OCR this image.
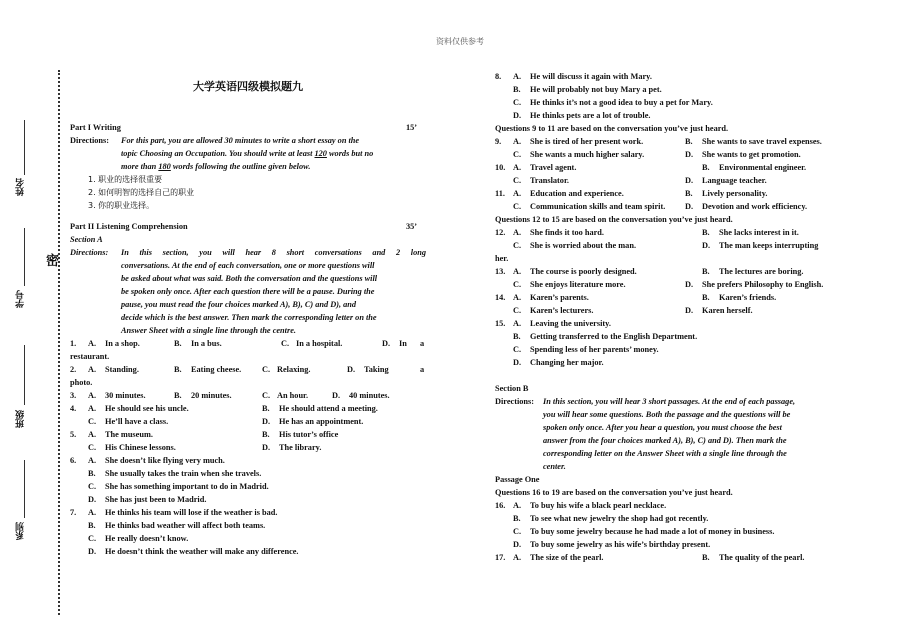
资料仅供参考
姓名
密
学号
班级
系别
大学英语四级模拟题九
Part I Writing	15’
Directions: For this part, you are allowed 30 minutes to write a short essay on the
topic Choosing an Occupation. You should write at least 120 words but no
more than 180 words following the outline given below.
1. 职业的选择很重要
2. 如何明智的选择自己的职业
3. 你的职业选择。
Part II Listening Comprehension	35’
Section A
Directions: In this section, you will hear 8 short conversations and 2 long
conversations. At the end of each conversation, one or more questions will
be asked about what was said. Both the conversation and the questions will
be spoken only once. After each question there will be a pause. During the
pause, you must read the four choices marked A), B), C) and D), and
decide which is the best answer. Then mark the corresponding letter on the
Answer Sheet with a single line through the centre.
1. A. In a shop.	B. In a bus.	C. In a hospital.	D. In a
restaurant.
2. A. Standing.	B. Eating cheese.	C. Relaxing.	D. Taking	a
photo.
3. A. 30 minutes.	B. 20 minutes.	C. An hour.	D. 40 minutes.
4. A. He should see his uncle.	B. He should attend a meeting.
C. He’ll have a class.	D. He has an appointment.
5. A. The museum.	B. His tutor’s office
C. His Chinese lessons.	D. The library.
6. A. She doesn’t like flying very much.
B. She usually takes the train when she travels.
C. She has something important to do in Madrid.
D. She has just been to Madrid.
7. A. He thinks his team will lose if the weather is bad.
B. He thinks bad weather will affect both teams.
C. He really doesn’t know.
D. He doesn’t think the weather will make any difference.
8. A. He will discuss it again with Mary.
B. He will probably not buy Mary a pet.
C. He thinks it’s not a good idea to buy a pet for Mary.
D. He thinks pets are a lot of trouble.
Questions 9 to 11 are based on the conversation you’ve just heard.
9. A. She is tired of her present work.	B. She wants to save travel expenses.
C. She wants a much higher salary.	D. She wants to get promotion.
10. A. Travel agent.	B. Environmental engineer.
C. Translator.	D. Language teacher.
11. A. Education and experience.	B. Lively personality.
C. Communication skills and team spirit. D. Devotion and work efficiency.
Questions 12 to 15 are based on the conversation you’ve just heard.
12. A. She finds it too hard.	B. She lacks interest in it.
C. She is worried about the man.	D. The man keeps interrupting
her.
13. A. The course is poorly designed.	B. The lectures are boring.
C. She enjoys literature more.	D. She prefers Philosophy to English.
14. A. Karen’s parents.	B. Karen’s friends.
C. Karen’s lecturers.	D. Karen herself.
15. A. Leaving the university.
B. Getting transferred to the English Department.
C. Spending less of her parents’ money.
D. Changing her major.
Section B
Directions: In this section, you will hear 3 short passages. At the end of each passage,
you will hear some questions. Both the passage and the questions will be
spoken only once. After you hear a question, you must choose the best
answer from the four choices marked A), B), C) and D). Then mark the
corresponding letter on the Answer Sheet with a single line through the
center.
Passage One
Questions 16 to 19 are based on the conversation you’ve just heard.
16. A. To buy his wife a black pearl necklace.
B. To see what new jewelry the shop had got recently.
C. To buy some jewelry because he had made a lot of money in business.
D. To buy some jewelry as his wife’s birthday present.
17. A. The size of the pearl.	B. The quality of the pearl.
